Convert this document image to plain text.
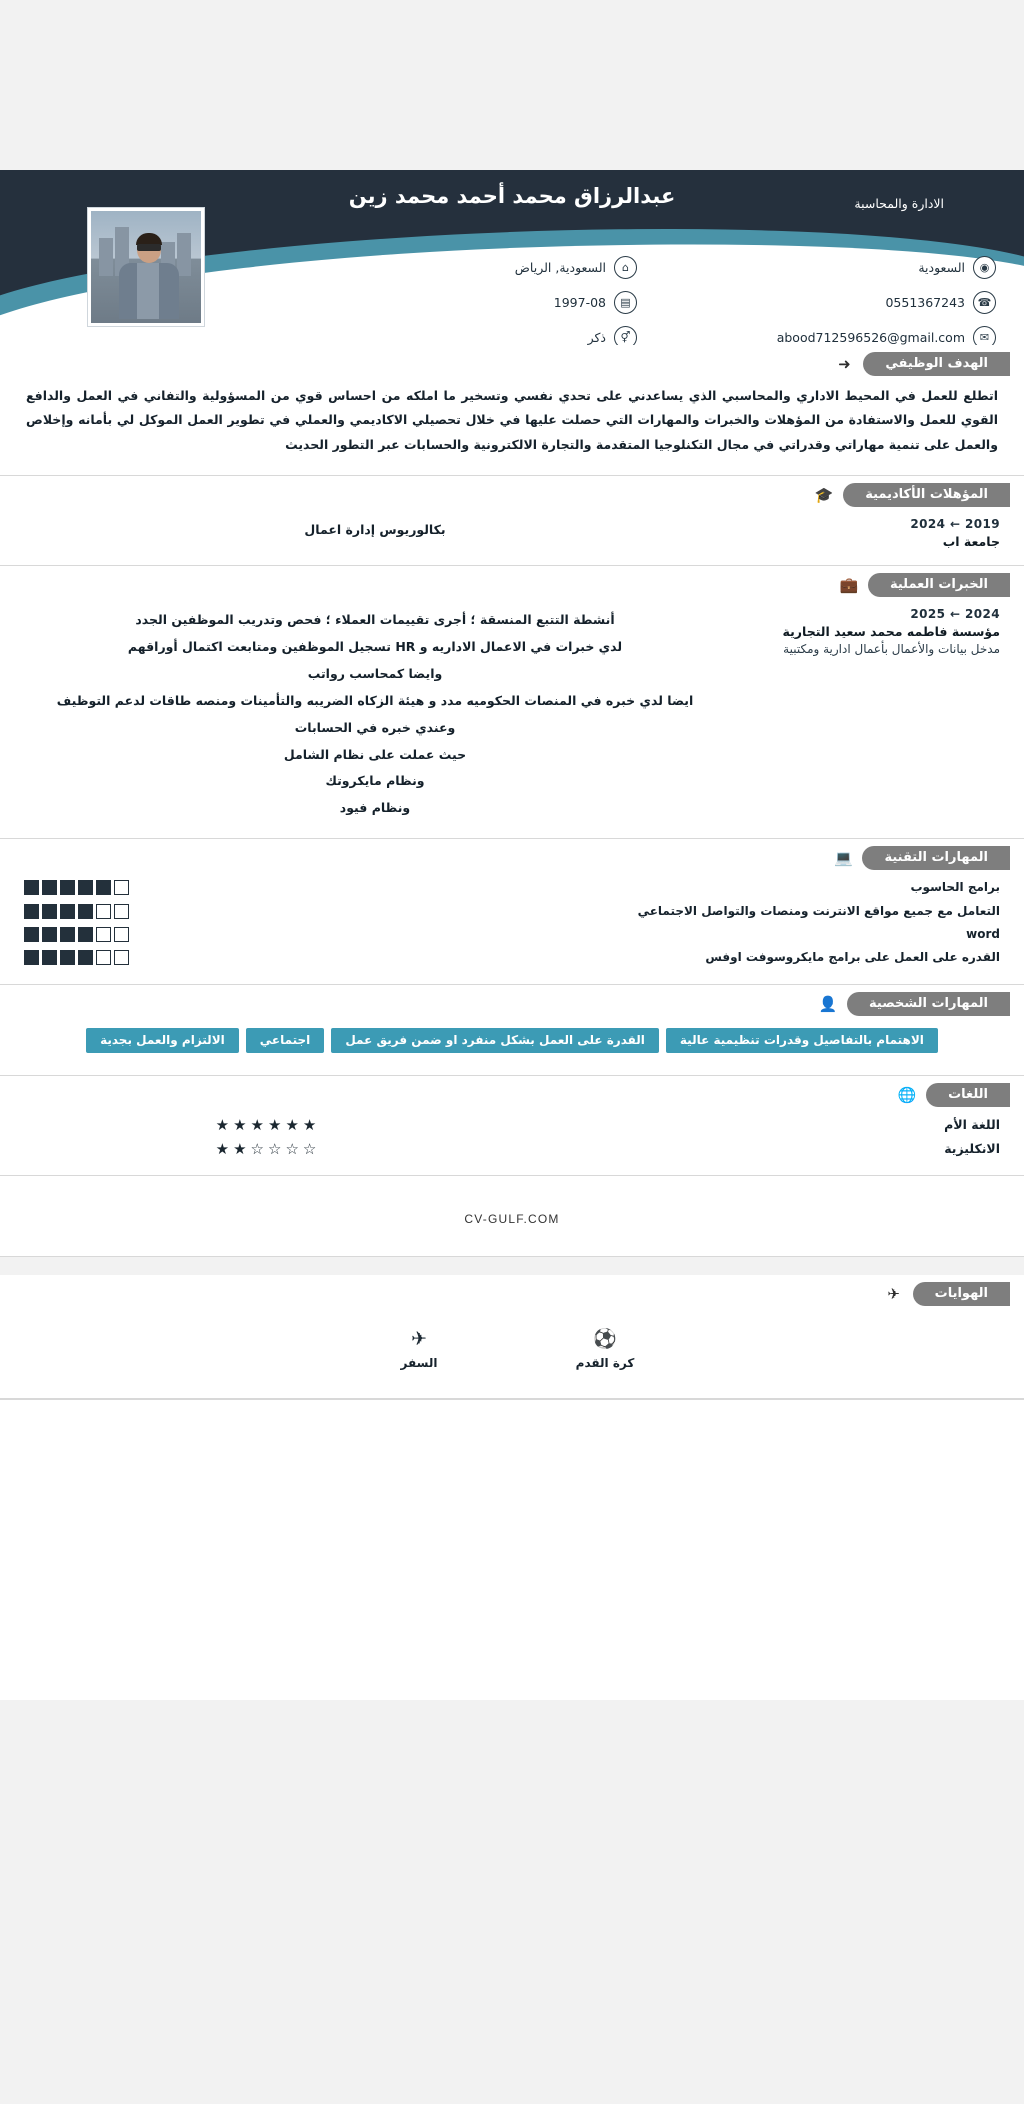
عبدالرزاق محمد أحمد محمد زين	الادارة والمحاسبة
◉
السعودية
☎
0551367243
✉
abood712596526@gmail.com
⌂
السعودية, الرياض
▤
1997-08
⚥
ذكر
الهدف الوظيفي
➜
اتطلع للعمل في المحيط الاداري والمحاسبي الذي يساعدني على تحدي نفسي وتسخير ما املكه من احساس قوي من المسؤولية والتفاني في العمل والدافع القوي للعمل والاستفادة من المؤهلات والخبرات والمهارات التي حصلت عليها في خلال تحصيلي الاكاديمي والعملي في تطوير العمل الموكل لي بأمانه وإخلاص والعمل على تنمية مهاراتي وقدراتي في مجال التكنلوجيا المتقدمة والتجارة الالكترونية والحسابات عبر التطور الحديث
المؤهلات الأكاديمية
🎓
2019 ← 2024
جامعة اب
بكالوريوس إدارة اعمال
الخبرات العملية
💼
2024 ← 2025
مؤسسة فاطمه محمد سعيد التجارية
مدخل بيانات والأعمال بأعمال ادارية ومكتبية
أنشطة التتبع المنسقة ؛ أجرى تقييمات العملاء ؛ فحص وتدريب الموظفين الجدد
لدي خبرات في الاعمال الاداريه و HR تسجيل الموظفين ومتابعت اكتمال أوراقهم
وايضا كمحاسب رواتب
ايضا لدي خبره في المنصات الحكوميه مدد و هيئة الزكاه الضريبه والتأمينات ومنصه طاقات لدعم التوظيف
وعندي خبره في الحسابات
حيث عملت على نظام الشامل
ونظام مايكروتك
ونظام فيود
المهارات التقنية
💻
برامج الحاسوب
التعامل مع جميع مواقع الانترنت ومنصات والتواصل الاجتماعي
word
القدره على العمل على برامج مايكروسوفت اوفس
المهارات الشخصية
👤
الاهتمام بالتفاصيل وقدرات تنظيمية عالية
القدرة على العمل بشكل منفرد او ضمن فريق عمل
اجتماعي
الالتزام والعمل بجدية
اللغات
🌐
اللغة الأم
★★★★★★
الانكليزية
★★☆☆☆☆
CV-GULF.COM
الهوايات
✈
⚽
كرة القدم
✈
السفر
